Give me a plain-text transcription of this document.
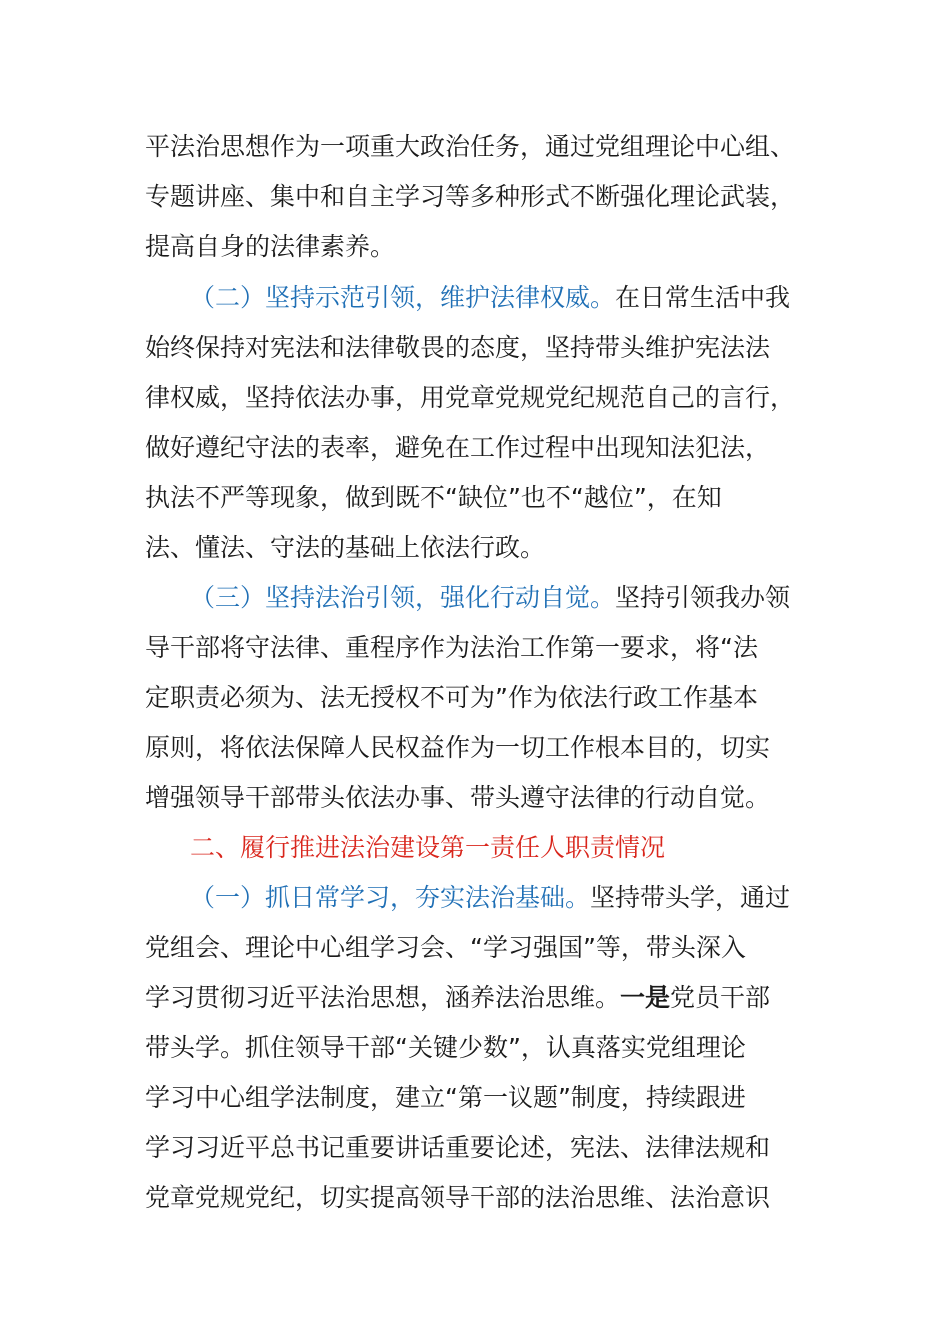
平法治思想作为一项重大政治任务，通过党组理论中心组、
专题讲座、集中和自主学习等多种形式不断强化理论武装，
提高自身的法律素养。
（二）坚持示范引领，维护法律权威。在日常生活中我
始终保持对宪法和法律敬畏的态度，坚持带头维护宪法法
律权威，坚持依法办事，用党章党规党纪规范自己的言行，
做好遵纪守法的表率，避免在工作过程中出现知法犯法，
执法不严等现象，做到既不“缺位”也不“越位”，在知
法、懂法、守法的基础上依法行政。
（三）坚持法治引领，强化行动自觉。坚持引领我办领
导干部将守法律、重程序作为法治工作第一要求，将“法
定职责必须为、法无授权不可为”作为依法行政工作基本
原则，将依法保障人民权益作为一切工作根本目的，切实
增强领导干部带头依法办事、带头遵守法律的行动自觉。
二、履行推进法治建设第一责任人职责情况
（一）抓日常学习，夯实法治基础。坚持带头学，通过
党组会、理论中心组学习会、“学习强国”等，带头深入
学习贯彻习近平法治思想，涵养法治思维。一是党员干部
带头学。抓住领导干部“关键少数”，认真落实党组理论
学习中心组学法制度，建立“第一议题”制度，持续跟进
学习习近平总书记重要讲话重要论述，宪法、法律法规和
党章党规党纪，切实提高领导干部的法治思维、法治意识
